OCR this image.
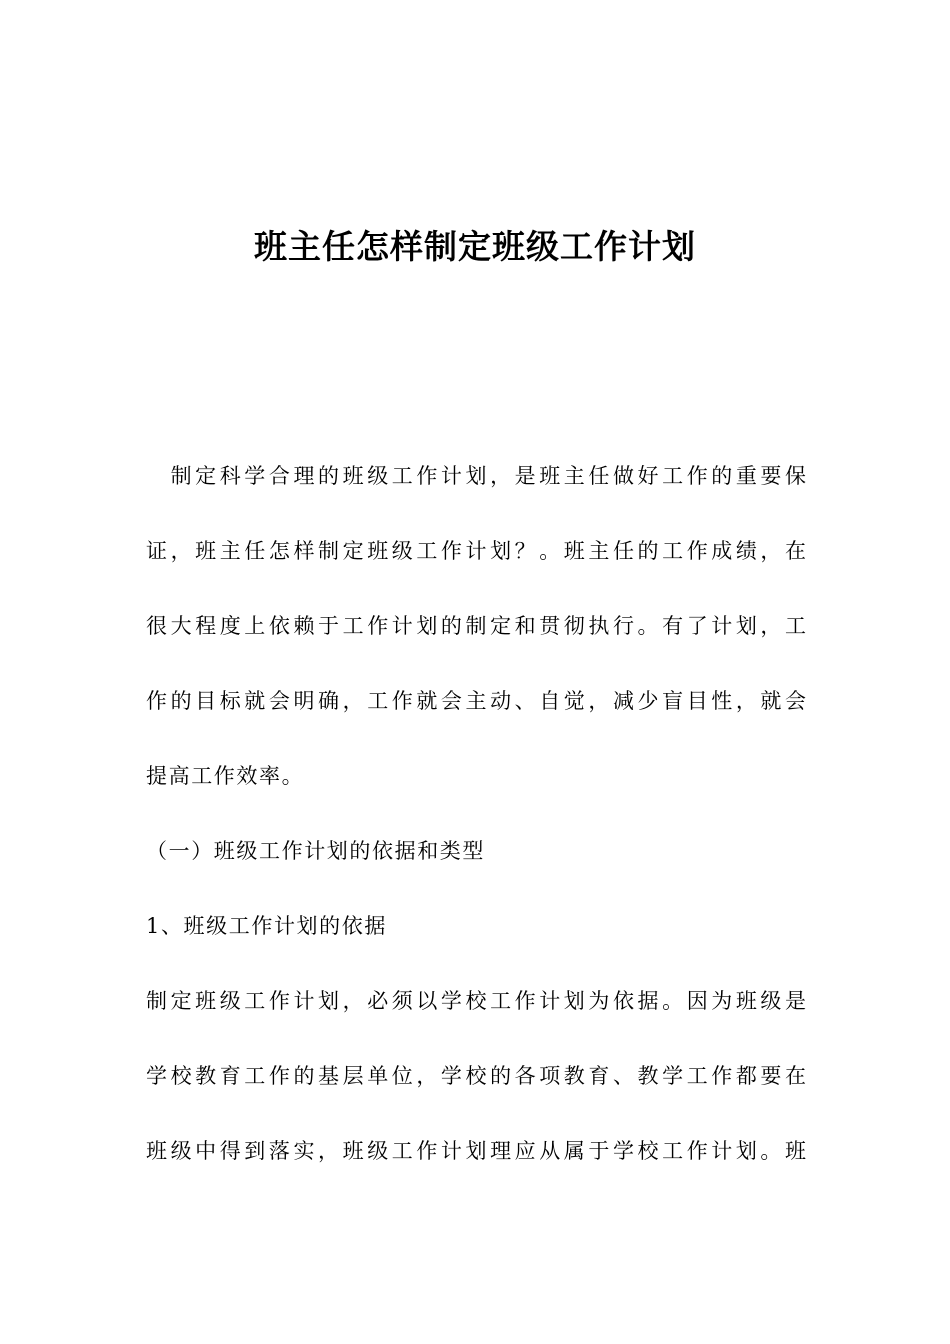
班主任怎样制定班级工作计划

　制定科学合理的班级工作计划，是班主任做好工作的重要保

证，班主任怎样制定班级工作计划？。班主任的工作成绩，在

很大程度上依赖于工作计划的制定和贯彻执行。有了计划，工

作的目标就会明确，工作就会主动、自觉，减少盲目性，就会

提高工作效率。

（一）班级工作计划的依据和类型

1、班级工作计划的依据

制定班级工作计划，必须以学校工作计划为依据。因为班级是

学校教育工作的基层单位，学校的各项教育、教学工作都要在

班级中得到落实，班级工作计划理应从属于学校工作计划。班
